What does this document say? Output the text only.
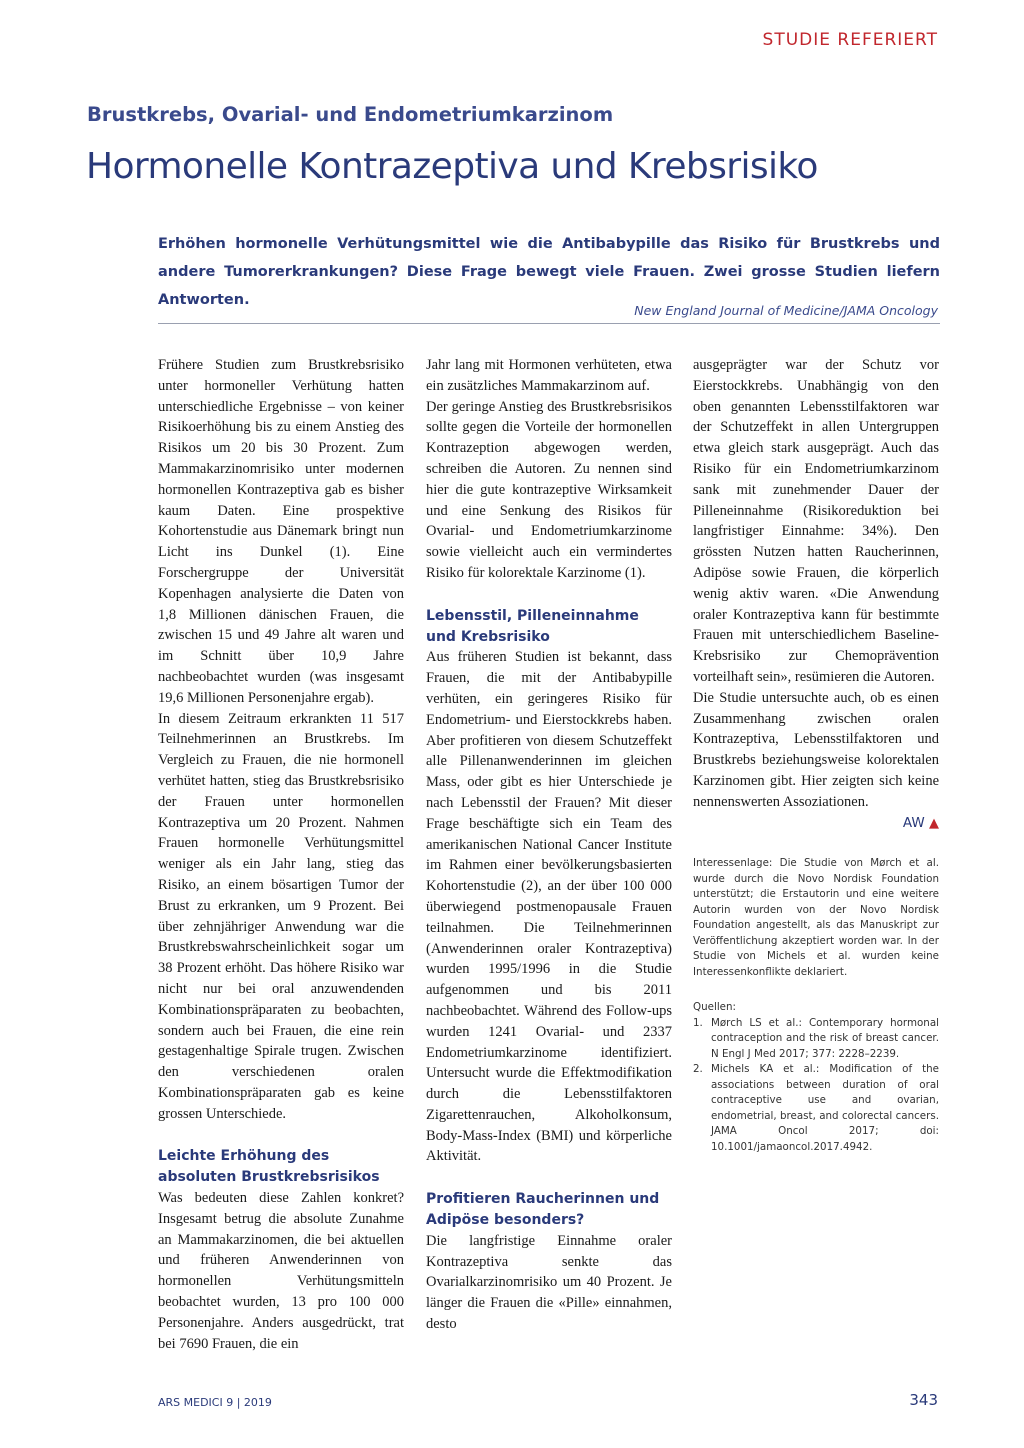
STUDIE REFERIERT
Brustkrebs, Ovarial- und Endometriumkarzinom
Hormonelle Kontrazeptiva und Krebsrisiko
Erhöhen hormonelle Verhütungsmittel wie die Antibabypille das Risiko für Brustkrebs und andere Tumorerkrankungen? Diese Frage bewegt viele Frauen. Zwei grosse Studien liefern Antworten.
New England Journal of Medicine/JAMA Oncology

Frühere Studien zum Brustkrebsrisiko unter hormoneller Verhütung hatten unterschiedliche Ergebnisse – von keiner Risikoerhöhung bis zu einem Anstieg des Risikos um 20 bis 30 Prozent. Zum Mammakarzinomrisiko unter modernen hormonellen Kontrazeptiva gab es bisher kaum Daten. Eine prospektive Kohortenstudie aus Dänemark bringt nun Licht ins Dunkel (1). Eine Forschergruppe der Universität Kopenhagen analysierte die Daten von 1,8 Millionen dänischen Frauen, die zwischen 15 und 49 Jahre alt waren und im Schnitt über 10,9 Jahre nachbeobachtet wurden (was insgesamt 19,6 Millionen Personenjahre ergab).

In diesem Zeitraum erkrankten 11 517 Teilnehmerinnen an Brustkrebs. Im Vergleich zu Frauen, die nie hormonell verhütet hatten, stieg das Brustkrebsrisiko der Frauen unter hormonellen Kontrazeptiva um 20 Prozent. Nahmen Frauen hormonelle Verhütungsmittel weniger als ein Jahr lang, stieg das Risiko, an einem bösartigen Tumor der Brust zu erkranken, um 9 Prozent. Bei über zehnjähriger Anwendung war die Brustkrebswahrscheinlichkeit sogar um 38 Prozent erhöht. Das höhere Risiko war nicht nur bei oral anzuwendenden Kombinationspräparaten zu beobachten, sondern auch bei Frauen, die eine rein gestagenhaltige Spirale trugen. Zwischen den verschiedenen oralen Kombinationspräparaten gab es keine grossen Unterschiede.

Leichte Erhöhung des absoluten Brustkrebsrisikos

Was bedeuten diese Zahlen konkret? Insgesamt betrug die absolute Zunahme an Mammakarzinomen, die bei aktuellen und früheren Anwenderinnen von hormonellen Verhütungsmitteln beobachtet wurden, 13 pro 100 000 Personenjahre. Anders ausgedrückt, trat bei 7690 Frauen, die ein

Jahr lang mit Hormonen verhüteten, etwa ein zusätzliches Mammakarzinom auf.

Der geringe Anstieg des Brustkrebsrisikos sollte gegen die Vorteile der hormonellen Kontrazeption abgewogen werden, schreiben die Autoren. Zu nennen sind hier die gute kontrazeptive Wirksamkeit und eine Senkung des Risikos für Ovarial- und Endometriumkarzinome sowie vielleicht auch ein vermindertes Risiko für kolorektale Karzinome (1).

Lebensstil, Pilleneinnahme und Krebsrisiko

Aus früheren Studien ist bekannt, dass Frauen, die mit der Antibabypille verhüten, ein geringeres Risiko für Endometrium- und Eierstockkrebs haben. Aber profitieren von diesem Schutzeffekt alle Pillenanwenderinnen im gleichen Mass, oder gibt es hier Unterschiede je nach Lebensstil der Frauen? Mit dieser Frage beschäftigte sich ein Team des amerikanischen National Cancer Institute im Rahmen einer bevölkerungsbasierten Kohortenstudie (2), an der über 100 000 überwiegend postmenopausale Frauen teilnahmen. Die Teilnehmerinnen (Anwenderinnen oraler Kontrazeptiva) wurden 1995/1996 in die Studie aufgenommen und bis 2011 nachbeobachtet. Während des Follow-ups wurden 1241 Ovarial- und 2337 Endometriumkarzinome identifiziert. Untersucht wurde die Effektmodifikation durch die Lebensstilfaktoren Zigarettenrauchen, Alkoholkonsum, Body-Mass-Index (BMI) und körperliche Aktivität.

Profitieren Raucherinnen und Adipöse besonders?

Die langfristige Einnahme oraler Kontrazeptiva senkte das Ovarialkarzinomrisiko um 40 Prozent. Je länger die Frauen die «Pille» einnahmen, desto

ausgeprägter war der Schutz vor Eierstockkrebs. Unabhängig von den oben genannten Lebensstilfaktoren war der Schutzeffekt in allen Untergruppen etwa gleich stark ausgeprägt. Auch das Risiko für ein Endometriumkarzinom sank mit zunehmender Dauer der Pilleneinnahme (Risikoreduktion bei langfristiger Einnahme: 34%). Den grössten Nutzen hatten Raucherinnen, Adipöse sowie Frauen, die körperlich wenig aktiv waren. «Die Anwendung oraler Kontrazeptiva kann für bestimmte Frauen mit unterschiedlichem Baseline-Krebsrisiko zur Chemoprävention vorteilhaft sein», resümieren die Autoren.

Die Studie untersuchte auch, ob es einen Zusammenhang zwischen oralen Kontrazeptiva, Lebensstilfaktoren und Brustkrebs beziehungsweise kolorektalen Karzinomen gibt. Hier zeigten sich keine nennenswerten Assoziationen.

AW ▲
Interessenlage: Die Studie von Mørch et al. wurde durch die Novo Nordisk Foundation unterstützt; die Erstautorin und eine weitere Autorin wurden von der Novo Nordisk Foundation angestellt, als das Manuskript zur Veröffentlichung akzeptiert worden war. In der Studie von Michels et al. wurden keine Interessenkonflikte deklariert.
Quellen:
1. Mørch LS et al.: Contemporary hormonal contraception and the risk of breast cancer. N Engl J Med 2017; 377: 2228–2239.
2. Michels KA et al.: Modification of the associations between duration of oral contraceptive use and ovarian, endometrial, breast, and colorectal cancers. JAMA Oncol 2017; doi: 10.1001/jamaoncol.2017.4942.
ARS MEDICI 9 | 2019	343
